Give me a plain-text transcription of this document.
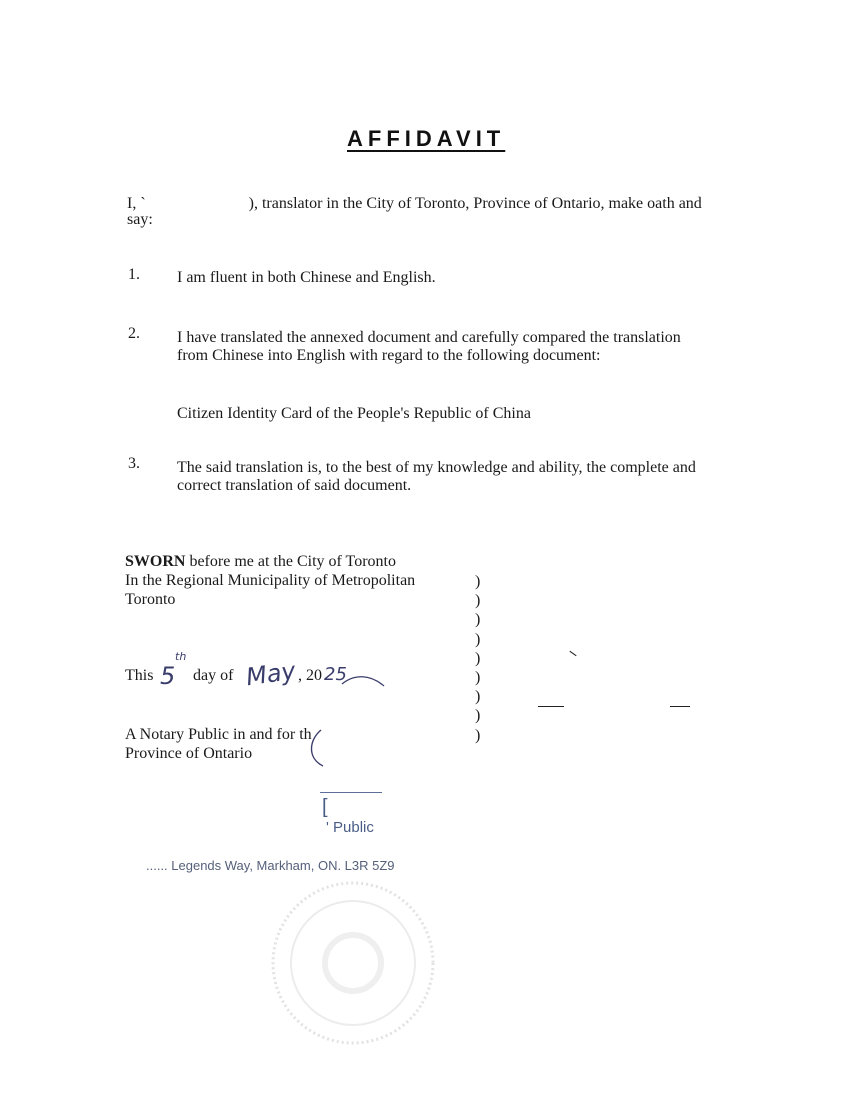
AFFIDAVIT
I, `	), translator in the City of Toronto, Province of Ontario, make oath and
say:
1. I am fluent in both Chinese and English.
2. I have translated the annexed document and carefully compared the translation
from Chinese into English with regard to the following document:
Citizen Identity Card of the People's Republic of China
3. The said translation is, to the best of my knowledge and ability, the complete and
correct translation of said document.
SWORN before me at the City of Toronto
In the Regional Municipality of Metropolitan
Toronto
)
)
)
)
)
)
)
)
)
This 5
th
day of May , 20 25
A Notary Public in and for th
Province of Ontario
[
' Public
...... Legends Way, Markham, ON. L3R 5Z9
